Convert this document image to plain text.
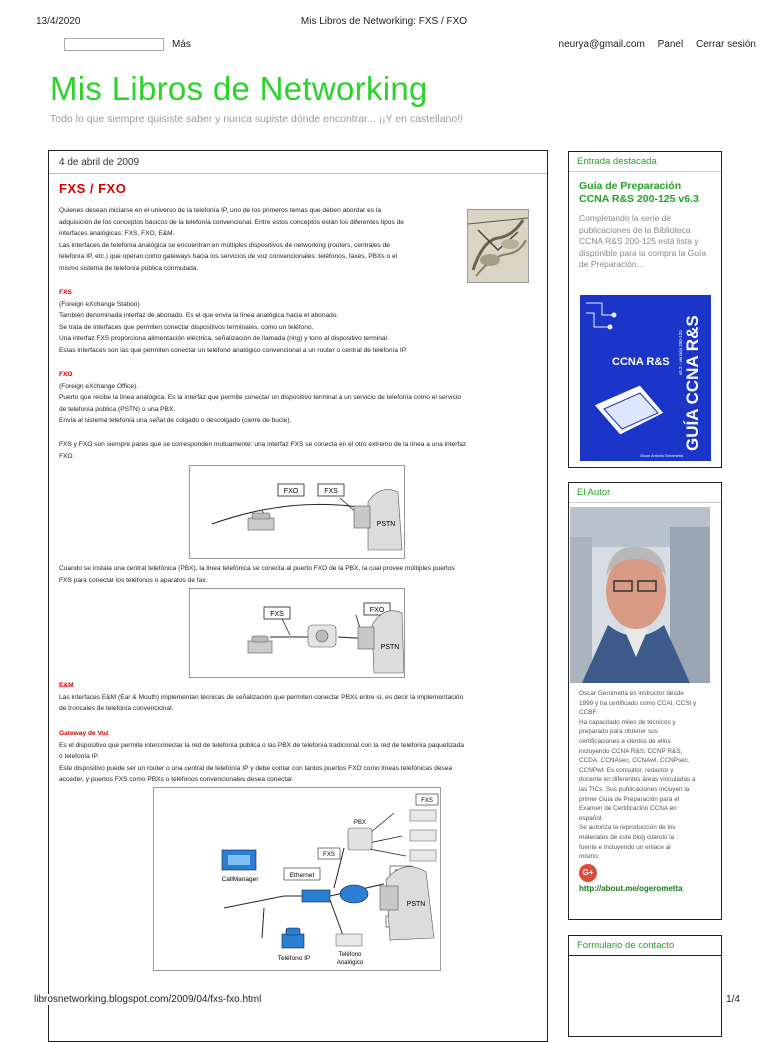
13/4/2020	Mis Libros de Networking: FXS / FXO
Más	neurya@gmail.com Panel Cerrar sesión
Mis Libros de Networking
Todo lo que siempre quisiste saber y nunca supiste dónde encontrar... ¡¡Y en castellano!!
4 de abril de 2009
FXS / FXO
Quienes desean iniciarse en el universo de la telefonía IP, uno de los primeros temas que deben abordar es la
adquisición de los conceptos básicos de la telefonía convencional. Entre estos conceptos están los diferentes tipos de
interfaces analógicas: FXS, FXO, E&M.
Las interfaces de telefonía analógica se encuentran en múltiples dispositivos de networking (routers, centrales de
telefonía IP, etc.) que operan como gateways hacia los servicios de voz convencionales: teléfonos, faxes, PBXs o el
mismo sistema de telefonía pública conmutada.
FXS
(Foreign eXchange Station)
También denominada interfaz de abonado. Es el que envía la línea analógica hacia el abonado.
Se trata de interfaces que permiten conectar dispositivos terminales, como un teléfono.
Una interfaz FXS proporciona alimentación eléctrica, señalización de llamada (ring) y tono al dispositivo terminal.
Estas interfaces son las que permiten conectar un teléfono analógico convencional a un router o central de telefonía IP.
FXO
(Foreign eXchange Office).
Puerto que recibe la línea analógica. Es la interfaz que permite conectar un dispositivo terminal a un servicio de telefonía como el servicio
de telefonía pública (PSTN) o una PBX.
Envía al sistema telefonía una señal de colgado o descolgado (cierre de bucle).
FXS y FXO son siempre pares que se corresponden mutuamente: una interfaz FXS se conecta en el otro extremo de la línea a una interfaz
FXO.
FXO	FXS
PSTN
Cuando se instala una central telefónica (PBX), la línea telefónica se conecta al puerto FXO de la PBX, la cual provee múltiples puertos
FXS para conectar los teléfonos o aparatos de fax.
FXS
FXO
PSTN
E&M
Las interfaces E&M (Ear & Mouth) implementan técnicas de señalización que permiten conectar PBXs entre sí, es decir la implementación
de troncales de telefonía convencional.
Gateway de Voz
Es el dispositivo que permite interconectar la red de telefonía pública o las PBX de telefonía tradicional con la red de telefonía paquetizada
o telefonía IP.
Este dispositivo puede ser un router o una central de telefonía IP y debe contar con tantos puertos FXO como líneas telefónicas desea
acceder, y puertos FXS como PBXs o teléfonos convencionales desea conectar.
PBX
FXS
FXS
Ethernet
CallManager
Teléfono IP	Teléfono
Analógico
PSTN
Entrada destacada
Guía de Preparación CCNA R&S 200-125 v6.3
Completando la serie de publicaciones de la Biblioteca CCNA R&S 200-125 está lista y disponible para la compra la Guía de Preparación...
CCNA R&S GUÍA CCNA R&S
v6.3 - versión 200-125
Oscar Antonio Gerometta
El Autor
Oscar Gerometta es instructor desde
1999 y ha certificado como CCAI, CCSI y
CCBF.
Ha capacitado miles de técnicos y
preparado para obtener sus
certificaciones a cientos de ellos
incluyendo CCNA R&S, CCNP R&S,
CCDA, CCNAsec, CCNAwl, CCNPsec,
CCNPwl. Es consultor, redactor y
docente en diferentes áreas vinculadas a
las TICs. Sus publicaciones incluyen la
primer Guía de Preparación para el
Examen de Certificación CCNA en
español.
Se autoriza la reproducción de los
materiales de este blog citando la
fuente e incluyendo un enlace al
mismo.
G+
http://about.me/ogerometta
Formulario de contacto
librosnetworking.blogspot.com/2009/04/fxs-fxo.html	1/4
